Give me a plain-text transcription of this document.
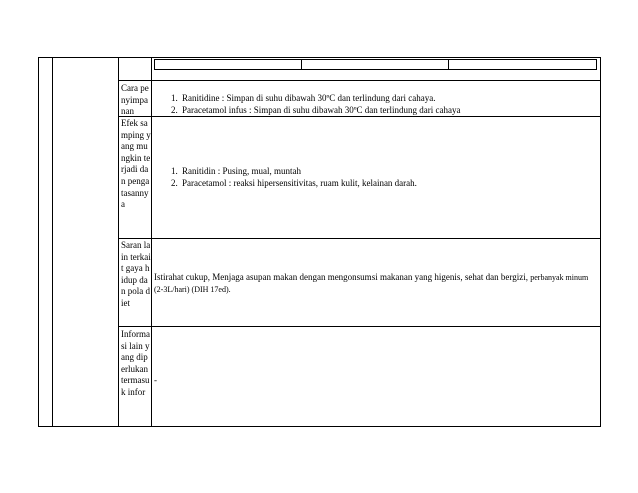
Cara penyimpanan
1. Ranitidine : Simpan di suhu dibawah 30ºC dan terlindung dari cahaya.
2. Paracetamol infus : Simpan di suhu dibawah 30ºC dan terlindung dari cahaya
Efek samping yang mungkin terjadi dan penga tasannya
1. Ranitidin : Pusing, mual, muntah
2. Paracetamol : reaksi hipersensitivitas, ruam kulit, kelainan darah.
Saran lain terkait gaya hidup dan pola diet
Istirahat cukup, Menjaga asupan makan dengan mengonsumsi makanan yang higenis, sehat dan bergizi, perbanyak minum (2-3L/hari) (DIH 17ed).
Informasi lain yang diperlukan termasuk infor
-
